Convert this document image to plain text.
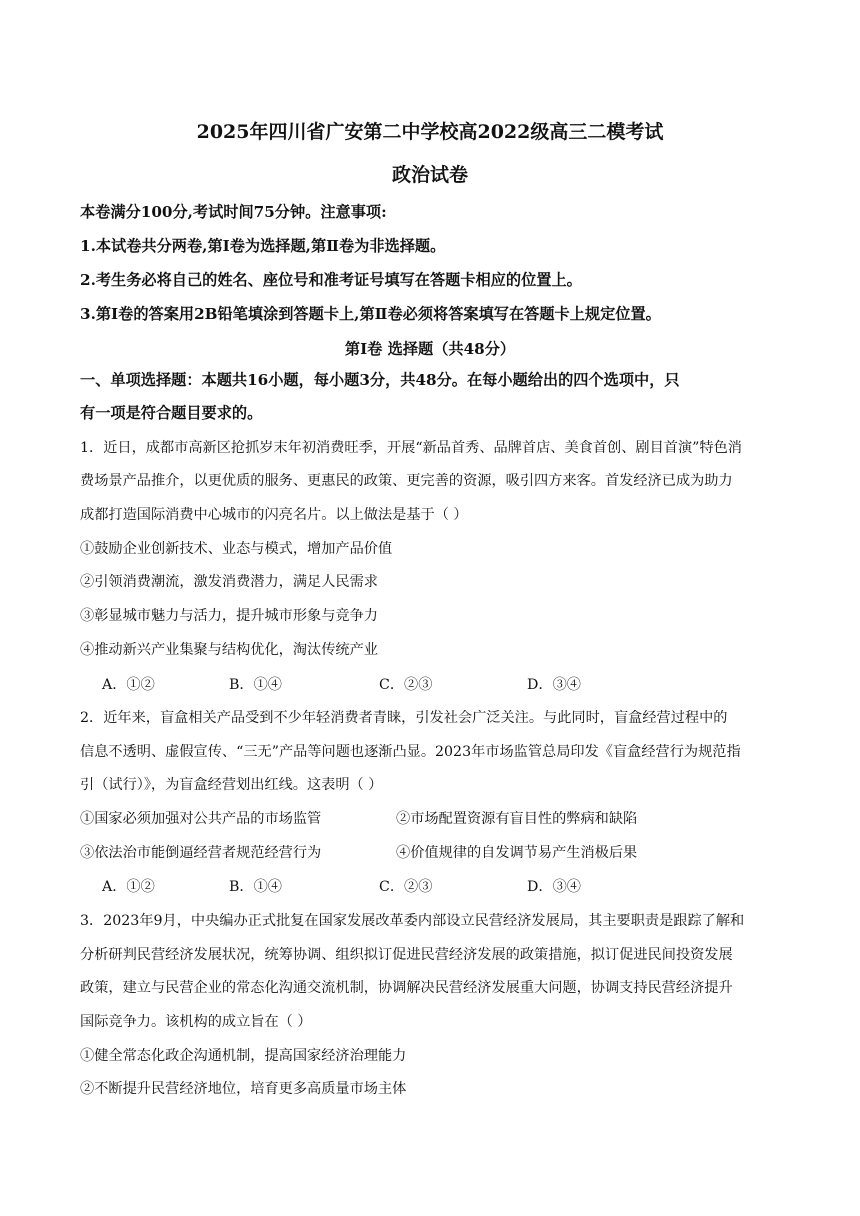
2025年四川省广安第二中学校高2022级高三二模考试
政治试卷
本卷满分100分,考试时间75分钟。注意事项:
1.本试卷共分两卷,第Ⅰ卷为选择题,第Ⅱ卷为非选择题。
2.考生务必将自己的姓名、座位号和准考证号填写在答题卡相应的位置上。
3.第Ⅰ卷的答案用2B铅笔填涂到答题卡上,第Ⅱ卷必须将答案填写在答题卡上规定位置。
第Ⅰ卷 选择题（共48分）
一、单项选择题：本题共16小题，每小题3分，共48分。在每小题给出的四个选项中，只
有一项是符合题目要求的。
1．近日，成都市高新区抢抓岁末年初消费旺季，开展“新品首秀、品牌首店、美食首创、剧目首演”特色消
费场景产品推介，以更优质的服务、更惠民的政策、更完善的资源，吸引四方来客。首发经济已成为助力
成都打造国际消费中心城市的闪亮名片。以上做法是基于（ ）
①鼓励企业创新技术、业态与模式，增加产品价值
②引领消费潮流，激发消费潜力，满足人民需求
③彰显城市魅力与活力，提升城市形象与竞争力
④推动新兴产业集聚与结构优化，淘汰传统产业
A．①②	B．①④	C．②③	D．③④
2．近年来，盲盒相关产品受到不少年轻消费者青睐，引发社会广泛关注。与此同时，盲盒经营过程中的
信息不透明、虚假宣传、“三无”产品等问题也逐渐凸显。2023年市场监管总局印发《盲盒经营行为规范指
引（试行）》，为盲盒经营划出红线。这表明（ ）
①国家必须加强对公共产品的市场监管	②市场配置资源有盲目性的弊病和缺陷
③依法治市能倒逼经营者规范经营行为	④价值规律的自发调节易产生消极后果
A．①②	B．①④	C．②③	D．③④
3．2023年9月，中央编办正式批复在国家发展改革委内部设立民营经济发展局，其主要职责是跟踪了解和
分析研判民营经济发展状况，统筹协调、组织拟订促进民营经济发展的政策措施，拟订促进民间投资发展
政策，建立与民营企业的常态化沟通交流机制，协调解决民营经济发展重大问题，协调支持民营经济提升
国际竞争力。该机构的成立旨在（ ）
①健全常态化政企沟通机制，提高国家经济治理能力
②不断提升民营经济地位，培育更多高质量市场主体
